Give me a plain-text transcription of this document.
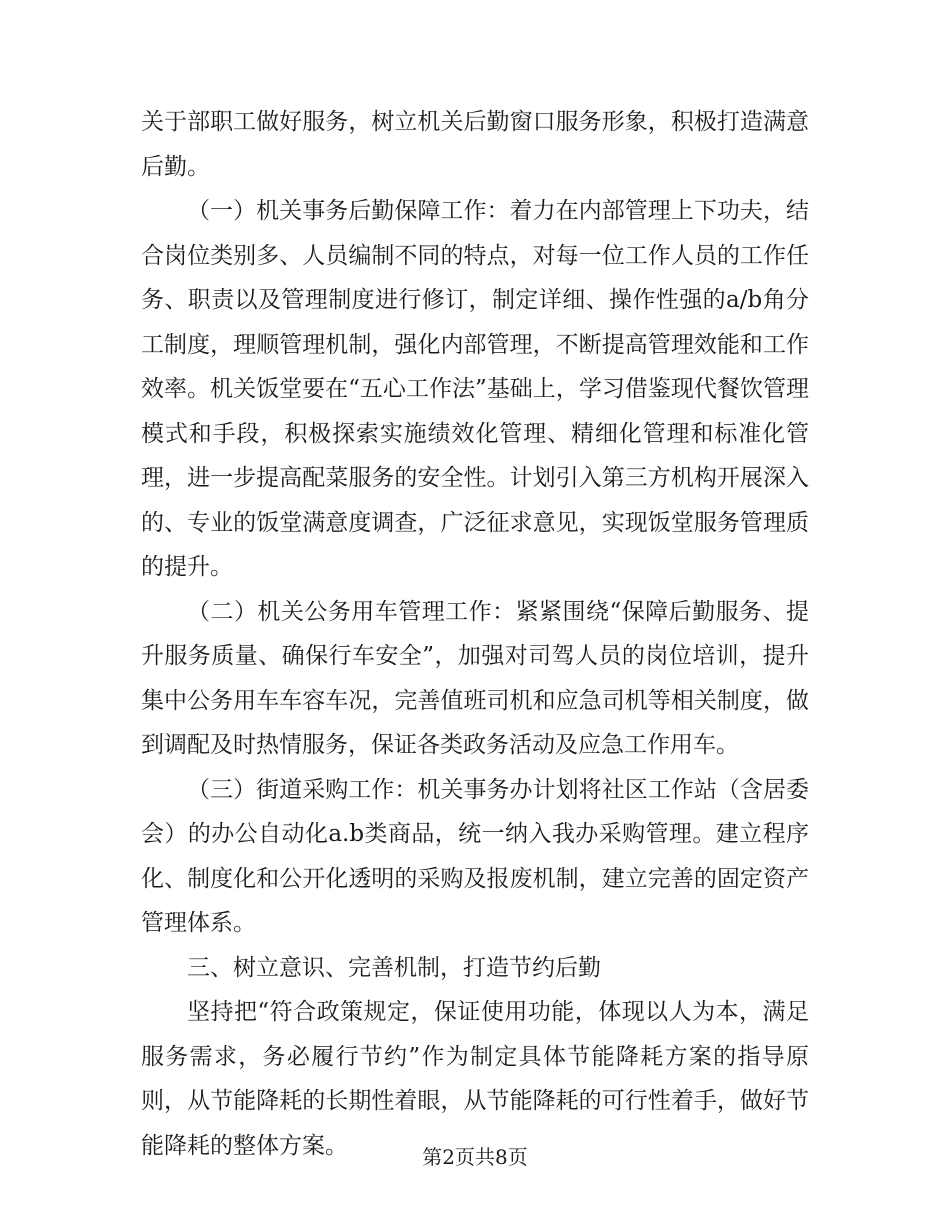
关于部职工做好服务，树立机关后勤窗口服务形象，积极打造满意后勤。

（一）机关事务后勤保障工作：着力在内部管理上下功夫，结合岗位类别多、人员编制不同的特点，对每一位工作人员的工作任务、职责以及管理制度进行修订，制定详细、操作性强的a/b角分工制度，理顺管理机制，强化内部管理，不断提高管理效能和工作效率。机关饭堂要在“五心工作法”基础上，学习借鉴现代餐饮管理模式和手段，积极探索实施绩效化管理、精细化管理和标准化管理，进一步提高配菜服务的安全性。计划引入第三方机构开展深入的、专业的饭堂满意度调查，广泛征求意见，实现饭堂服务管理质的提升。

（二）机关公务用车管理工作：紧紧围绕“保障后勤服务、提升服务质量、确保行车安全”，加强对司驾人员的岗位培训，提升集中公务用车车容车况，完善值班司机和应急司机等相关制度，做到调配及时热情服务，保证各类政务活动及应急工作用车。

（三）街道采购工作：机关事务办计划将社区工作站（含居委会）的办公自动化a.b类商品，统一纳入我办采购管理。建立程序化、制度化和公开化透明的采购及报废机制，建立完善的固定资产管理体系。

三、树立意识、完善机制，打造节约后勤

坚持把“符合政策规定，保证使用功能，体现以人为本，满足服务需求，务必履行节约”作为制定具体节能降耗方案的指导原则，从节能降耗的长期性着眼，从节能降耗的可行性着手，做好节能降耗的整体方案。	第2页共8页
